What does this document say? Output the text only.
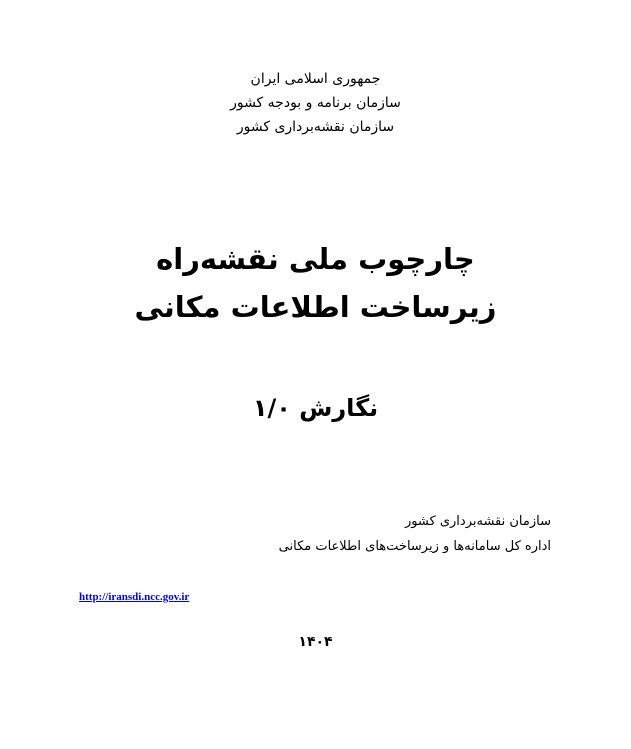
جمهوری اسلامی ایران
سازمان برنامه و بودجه کشور
سازمان نقشه‌برداری کشور
چارچوب ملی نقشه‌راه
زیرساخت اطلاعات مکانی
نگارش ۱/۰
سازمان نقشه‌برداری کشور
اداره کل سامانه‌ها و زیرساخت‌های اطلاعات مکانی
http://iransdi.ncc.gov.ir
۱۴۰۴
